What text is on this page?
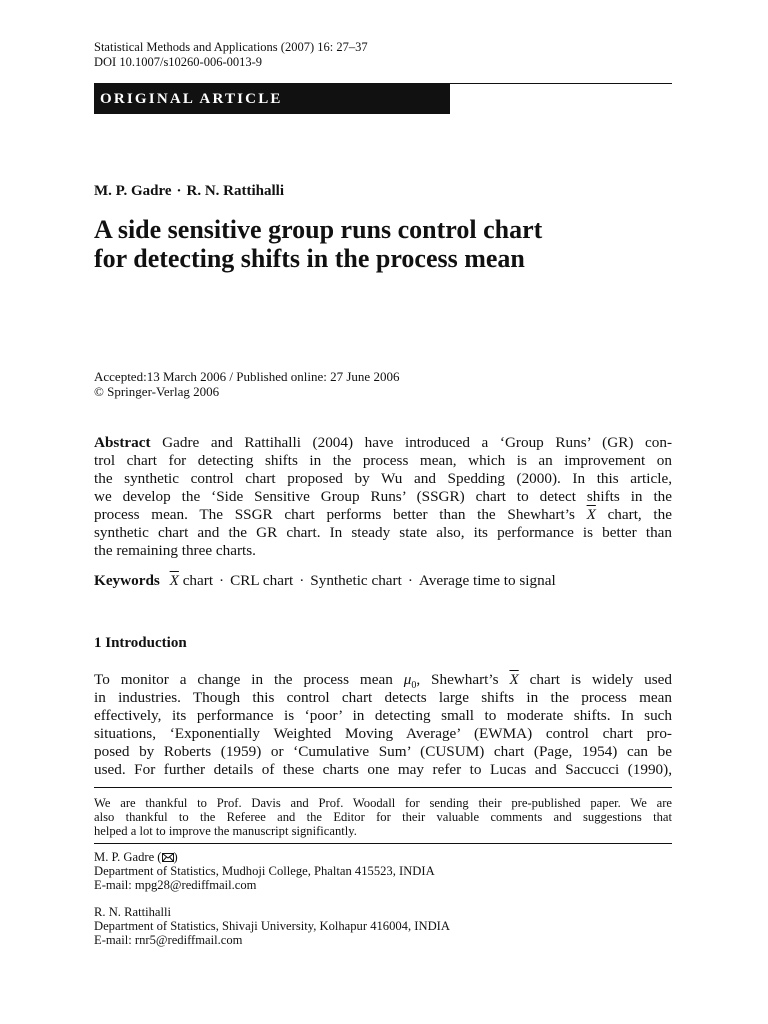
Statistical Methods and Applications (2007) 16: 27–37
DOI 10.1007/s10260-006-0013-9
ORIGINAL ARTICLE
M. P. Gadre · R. N. Rattihalli
A side sensitive group runs control chart
for detecting shifts in the process mean
Accepted:13 March 2006 / Published online: 27 June 2006
© Springer-Verlag 2006
Abstract Gadre and Rattihalli (2004) have introduced a ‘Group Runs’ (GR) con-
trol chart for detecting shifts in the process mean, which is an improvement on
the synthetic control chart proposed by Wu and Spedding (2000). In this article,
we develop the ‘Side Sensitive Group Runs’ (SSGR) chart to detect shifts in the
process mean. The SSGR chart performs better than the Shewhart’s $\overline{X}$ chart, the
synthetic chart and the GR chart. In steady state also, its performance is better than
the remaining three charts.
Keywords $\overline{X}$ chart · CRL chart · Synthetic chart · Average time to signal
1 Introduction
To monitor a change in the process mean $\mu_0$, Shewhart’s $\overline{X}$ chart is widely used
in industries. Though this control chart detects large shifts in the process mean
effectively, its performance is ‘poor’ in detecting small to moderate shifts. In such
situations, ‘Exponentially Weighted Moving Average’ (EWMA) control chart pro-
posed by Roberts (1959) or ‘Cumulative Sum’ (CUSUM) chart (Page, 1954) can be
used. For further details of these charts one may refer to Lucas and Saccucci (1990),
We are thankful to Prof. Davis and Prof. Woodall for sending their pre-published paper. We are
also thankful to the Referee and the Editor for their valuable comments and suggestions that
helped a lot to improve the manuscript significantly.
M. P. Gadre ( )
Department of Statistics, Mudhoji College, Phaltan 415523, INDIA
E-mail: mpg28@rediffmail.com
R. N. Rattihalli
Department of Statistics, Shivaji University, Kolhapur 416004, INDIA
E-mail: rnr5@rediffmail.com
